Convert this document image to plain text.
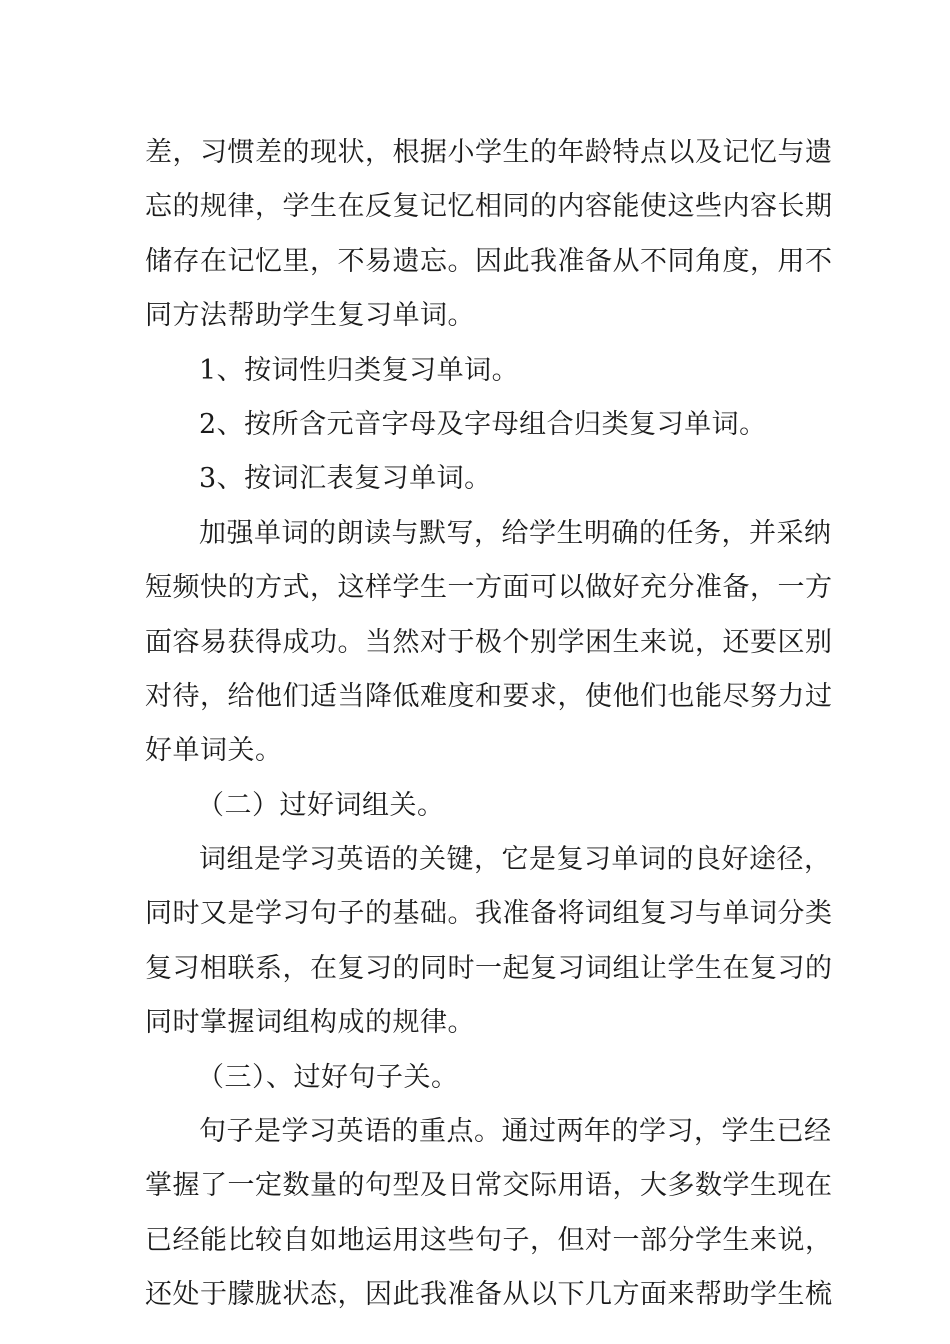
差，习惯差的现状，根据小学生的年龄特点以及记忆与遗
忘的规律，学生在反复记忆相同的内容能使这些内容长期
储存在记忆里，不易遗忘。因此我准备从不同角度，用不
同方法帮助学生复习单词。
1、按词性归类复习单词。
2、按所含元音字母及字母组合归类复习单词。
3、按词汇表复习单词。
加强单词的朗读与默写，给学生明确的任务，并采纳
短频快的方式，这样学生一方面可以做好充分准备，一方
面容易获得成功。当然对于极个别学困生来说，还要区别
对待，给他们适当降低难度和要求，使他们也能尽努力过
好单词关。
（二）过好词组关。
词组是学习英语的关键，它是复习单词的良好途径，
同时又是学习句子的基础。我准备将词组复习与单词分类
复习相联系，在复习的同时一起复习词组让学生在复习的
同时掌握词组构成的规律。
（三）、过好句子关。
句子是学习英语的重点。通过两年的学习，学生已经
掌握了一定数量的句型及日常交际用语，大多数学生现在
已经能比较自如地运用这些句子，但对一部分学生来说，
还处于朦胧状态，因此我准备从以下几方面来帮助学生梳
